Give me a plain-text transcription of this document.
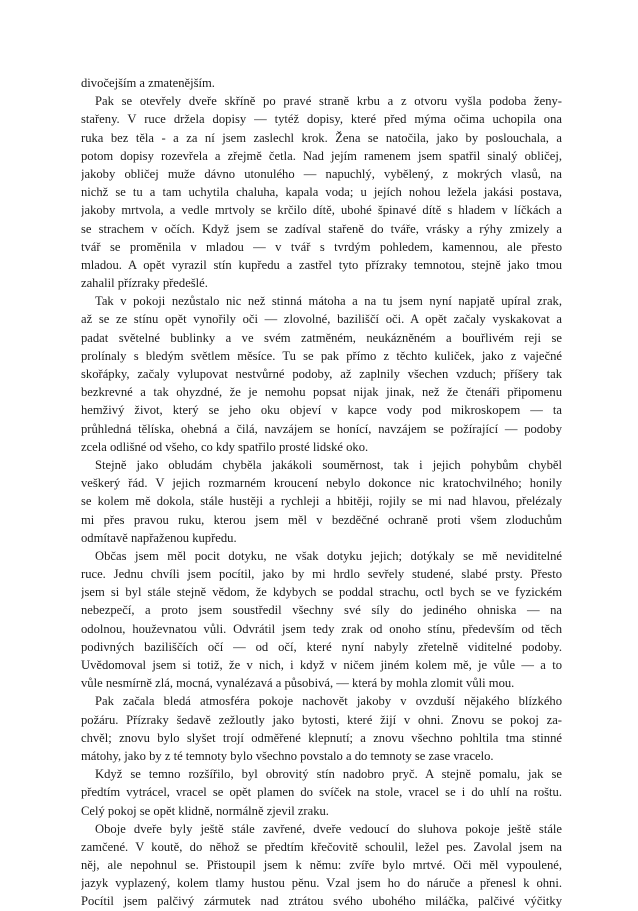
divočejším a zmatenějším.
Pak se otevřely dveře skříně po pravé straně krbu a z otvoru vyšla podoba ženy-
stařeny. V ruce držela dopisy — tytéž dopisy, které před mýma očima uchopila ona
ruka bez těla - a za ní jsem zaslechl krok. Žena se natočila, jako by poslouchala, a
potom dopisy rozevřela a zřejmě četla. Nad jejím ramenem jsem spatřil sinalý obličej,
jakoby obličej muže dávno utonulého — napuchlý, vybělený, z mokrých vlasů, na
nichž se tu a tam uchytila chaluha, kapala voda; u jejích nohou ležela jakási postava,
jakoby mrtvola, a vedle mrtvoly se krčilo dítě, ubohé špinavé dítě s hladem v líčkách a
se strachem v očích. Když jsem se zadíval stařeně do tváře, vrásky a rýhy zmizely a
tvář se proměnila v mladou — v tvář s tvrdým pohledem, kamennou, ale přesto
mladou. A opět vyrazil stín kupředu a zastřel tyto přízraky temnotou, stejně jako tmou
zahalil přízraky předešlé.
Tak v pokoji nezůstalo nic než stinná mátoha a na tu jsem nyní napjatě upíral zrak,
až se ze stínu opět vynořily oči — zlovolné, baziliščí oči. A opět začaly vyskakovat a
padat světelné bublinky a ve svém zatměném, neukázněném a bouřlivém reji se
prolínaly s bledým světlem měsíce. Tu se pak přímo z těchto kuliček, jako z vaječné
skořápky, začaly vylupovat nestvůrné podoby, až zaplnily všechen vzduch; příšery tak
bezkrevné a tak ohyzdné, že je nemohu popsat nijak jinak, než že čtenáři připomenu
hemživý život, který se jeho oku objeví v kapce vody pod mikroskopem — ta
průhledná tělíska, ohebná a čilá, navzájem se honící, navzájem se požírající — podoby
zcela odlišné od všeho, co kdy spatřilo prosté lidské oko.
Stejně jako obludám chyběla jakákoli souměrnost, tak i jejich pohybům chyběl
veškerý řád. V jejich rozmarném kroucení nebylo dokonce nic kratochvilného; honily
se kolem mě dokola, stále hustěji a rychleji a hbitěji, rojily se mi nad hlavou, přelézaly
mi přes pravou ruku, kterou jsem měl v bezděčné ochraně proti všem zloduchům
odmítavě napřaženou kupředu.
Občas jsem měl pocit dotyku, ne však dotyku jejich; dotýkaly se mě neviditelné
ruce. Jednu chvíli jsem pocítil, jako by mi hrdlo sevřely studené, slabé prsty. Přesto
jsem si byl stále stejně vědom, že kdybych se poddal strachu, octl bych se ve fyzickém
nebezpečí, a proto jsem soustředil všechny své síly do jediného ohniska — na
odolnou, houževnatou vůli. Odvrátil jsem tedy zrak od onoho stínu, především od těch
podivných baziliščích očí — od očí, které nyní nabyly zřetelně viditelné podoby.
Uvědomoval jsem si totiž, že v nich, i když v ničem jiném kolem mě, je vůle — a to
vůle nesmírně zlá, mocná, vynalézavá a působivá, — která by mohla zlomit vůli mou.
Pak začala bledá atmosféra pokoje nachovět jakoby v ovzduší nějakého blízkého
požáru. Přízraky šedavě zežloutly jako bytosti, které žijí v ohni. Znovu se pokoj za-
chvěl; znovu bylo slyšet trojí odměřené klepnutí; a znovu všechno pohltila tma stinné
mátohy, jako by z té temnoty bylo všechno povstalo a do temnoty se zase vracelo.
Když se temno rozšířilo, byl obrovitý stín nadobro pryč. A stejně pomalu, jak se
předtím vytrácel, vracel se opět plamen do svíček na stole, vracel se i do uhlí na roštu.
Celý pokoj se opět klidně, normálně zjevil zraku.
Oboje dveře byly ještě stále zavřené, dveře vedoucí do sluhova pokoje ještě stále
zamčené. V koutě, do něhož se předtím křečovitě schoulil, ležel pes. Zavolal jsem na
něj, ale nepohnul se. Přistoupil jsem k němu: zvíře bylo mrtvé. Oči měl vypoulené,
jazyk vyplazený, kolem tlamy hustou pěnu. Vzal jsem ho do náruče a přenesl k ohni.
Pocítil jsem palčivý zármutek nad ztrátou svého ubohého miláčka, palčivé výčitky
